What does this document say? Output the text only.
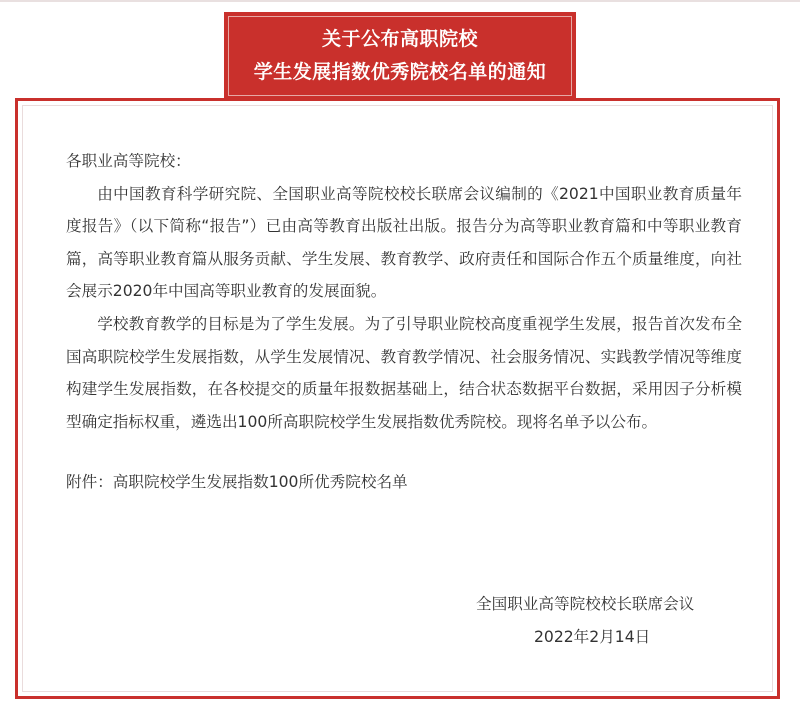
关于公布高职院校
学生发展指数优秀院校名单的通知

各职业高等院校：

由中国教育科学研究院、全国职业高等院校校长联席会议编制的《2021中国职业教育质量年度报告》（以下简称“报告”）已由高等教育出版社出版。报告分为高等职业教育篇和中等职业教育篇，高等职业教育篇从服务贡献、学生发展、教育教学、政府责任和国际合作五个质量维度，向社会展示2020年中国高等职业教育的发展面貌。

学校教育教学的目标是为了学生发展。为了引导职业院校高度重视学生发展，报告首次发布全国高职院校学生发展指数，从学生发展情况、教育教学情况、社会服务情况、实践教学情况等维度构建学生发展指数，在各校提交的质量年报数据基础上，结合状态数据平台数据，采用因子分析模型确定指标权重，遴选出100所高职院校学生发展指数优秀院校。现将名单予以公布。

附件：高职院校学生发展指数100所优秀院校名单

全国职业高等院校校长联席会议
2022年2月14日
